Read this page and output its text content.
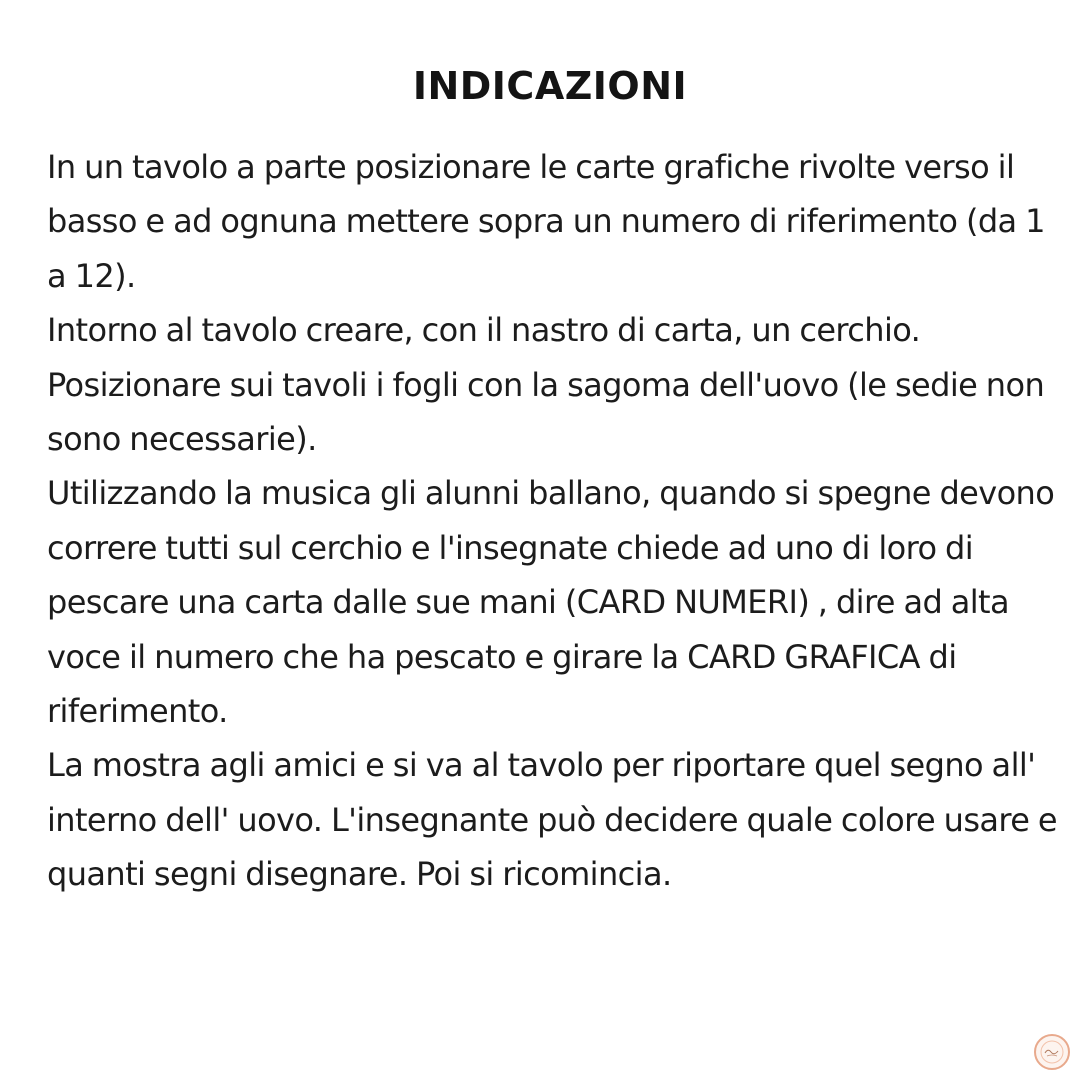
INDICAZIONI

In un tavolo a parte posizionare le carte grafiche rivolte verso il basso e ad ognuna mettere sopra un numero di riferimento (da 1 a 12).

Intorno al tavolo creare, con il nastro di carta, un cerchio.

Posizionare sui tavoli i fogli con la sagoma dell'uovo (le sedie non sono necessarie).

Utilizzando la musica gli alunni ballano, quando si spegne devono correre tutti sul cerchio e l'insegnate chiede ad uno di loro di pescare una carta dalle sue mani (CARD NUMERI) , dire ad alta voce il numero che ha pescato e girare la CARD GRAFICA di riferimento.

La mostra agli amici e si va al tavolo per riportare quel segno all' interno dell' uovo. L'insegnante può decidere quale colore usare e quanti segni disegnare. Poi si ricomincia.
